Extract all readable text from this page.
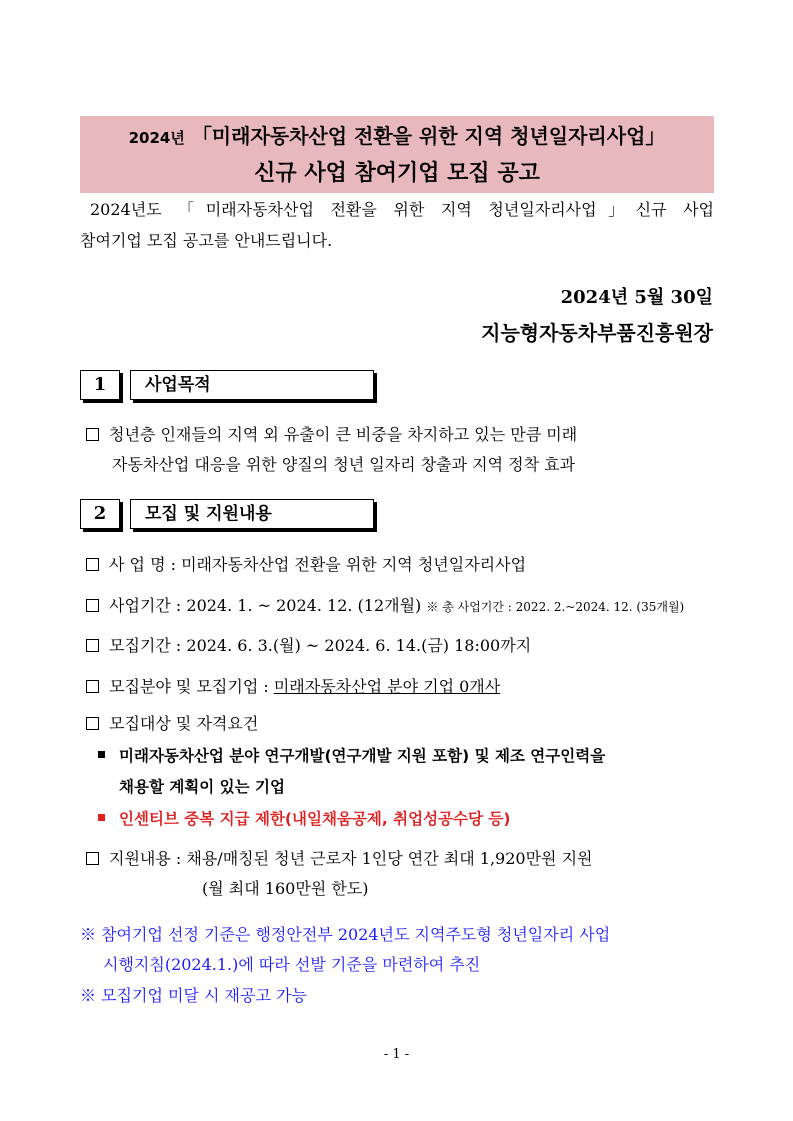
2024년 「미래자동차산업 전환을 위한 지역 청년일자리사업」
신규 사업 참여기업 모집 공고
2024년도 「미래자동차산업 전환을 위한 지역 청년일자리사업」신규 사업
참여기업 모집 공고를 안내드립니다.
2024년 5월 30일
지능형자동차부품진흥원장
1	사업목적
청년층 인재들의 지역 외 유출이 큰 비중을 차지하고 있는 만큼 미래
자동차산업 대응을 위한 양질의 청년 일자리 창출과 지역 정착 효과
2	모집 및 지원내용
사 업 명 : 미래자동차산업 전환을 위한 지역 청년일자리사업
사업기간 : 2024. 1. ~ 2024. 12. (12개월) ※ 총 사업기간 : 2022. 2.~2024. 12. (35개월)
모집기간 : 2024. 6. 3.(월) ~ 2024. 6. 14.(금) 18:00까지
모집분야 및 모집기업 : 미래자동차산업 분야 기업 0개사
모집대상 및 자격요건
미래자동차산업 분야 연구개발(연구개발 지원 포함) 및 제조 연구인력을
채용할 계획이 있는 기업
인센티브 중복 지급 제한(내일채움공제, 취업성공수당 등)
지원내용 : 채용/매칭된 청년 근로자 1인당 연간 최대 1,920만원 지원
(월 최대 160만원 한도)
※ 참여기업 선정 기준은 행정안전부 2024년도 지역주도형 청년일자리 사업
시행지침(2024.1.)에 따라 선발 기준을 마련하여 추진
※ 모집기업 미달 시 재공고 가능
- 1 -
